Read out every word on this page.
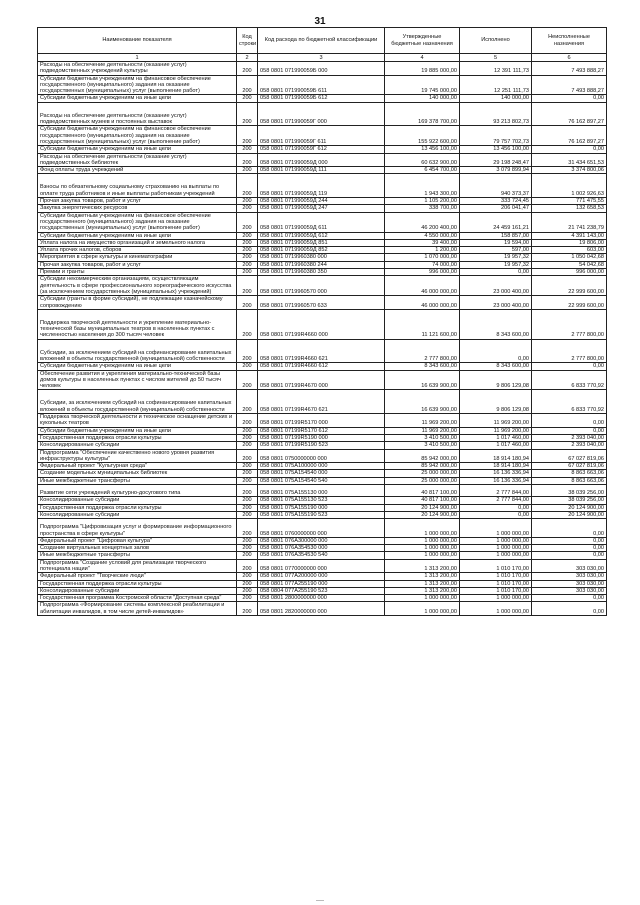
31
Наименование показателя	Код строки	Код расхода по бюджетной классификации	Утвержденные бюджетные назначения	Исполнено	Неисполненные назначения
1	2	3	4	5	6
Расходы на обеспечение деятельности (оказание услуг) подведомственных учреждений культуры	200	058 0801 071990059Б 000	19 885 000,00	12 391 111,73	7 493 888,27
Субсидии бюджетным учреждениям на финансовое обеспечение государственного (муниципального) задания на оказание государственных (муниципальных) услуг (выполнение работ)	200	058 0801 071990059Б 611	19 745 000,00	12 251 111,73	7 493 888,27
Субсидии бюджетным учреждениям на иные цели	200	058 0801 071990059Б 612	140 000,00	140 000,00	0,00
Расходы на обеспечение деятельности (оказание услуг) подведомственных музеев и постоянных выставок	200	058 0801 071990059Г 000	169 378 700,00	93 213 802,73	76 162 897,27
Субсидии бюджетным учреждениям на финансовое обеспечение государственного (муниципального) задания на оказание государственных (муниципальных) услуг (выполнение работ)	200	058 0801 071990059Г 611	155 922 600,00	79 757 702,73	76 162 897,27
Субсидии бюджетным учреждениям на иные цели	200	058 0801 071990059Г 612	13 456 100,00	13 456 100,00	0,00
Расходы на обеспечение деятельности (оказание услуг) подведомственных библиотек	200	058 0801 071990059Д 000	60 632 900,00	29 198 248,47	31 434 651,53
Фонд оплаты труда учреждений	200	058 0801 071990059Д 111	6 454 700,00	3 079 899,94	3 374 800,06
Взносы по обязательному социальному страхованию на выплаты по оплате труда работников и иные выплаты работникам учреждений	200	058 0801 071990059Д 119	1 943 300,00	940 373,37	1 002 926,63
Прочая закупка товаров, работ и услуг	200	058 0801 071990059Д 244	1 105 200,00	333 724,45	771 475,55
Закупка энергетических ресурсов	200	058 0801 071990059Д 247	338 700,00	206 041,47	132 658,53
Субсидии бюджетным учреждениям на финансовое обеспечение государственного (муниципального) задания на оказание государственных (муниципальных) услуг (выполнение работ)	200	058 0801 071990059Д 611	46 200 400,00	24 459 161,21	21 741 238,79
Субсидии бюджетным учреждениям на иные цели	200	058 0801 071990059Д 612	4 550 000,00	158 857,00	4 391 143,00
Уплата налога на имущество организаций и земельного налога	200	058 0801 071990059Д 851	39 400,00	19 594,00	19 806,00
Уплата прочих налогов, сборов	200	058 0801 071990059Д 852	1 200,00	597,00	603,00
Мероприятия в сфере культуры и кинематографии	200	058 0801 0719960380 000	1 070 000,00	19 957,32	1 050 042,68
Прочая закупка товаров, работ и услуг	200	058 0801 0719960380 244	74 000,00	19 957,32	54 042,68
Премии и гранты	200	058 0801 0719960380 350	996 000,00	0,00	996 000,00
Субсидии некоммерческим организациям, осуществляющим деятельность в сфере профессионального хореографического искусства (за исключением государственных (муниципальных) учреждений)	200	058 0801 0719960570 000	46 000 000,00	23 000 400,00	22 999 600,00
Субсидии (гранты в форме субсидий), не подлежащие казначейскому сопровождению	200	058 0801 0719960570 633	46 000 000,00	23 000 400,00	22 999 600,00
Поддержка творческой деятельности и укрепление материально-технической базы муниципальных театров в населенных пунктах с численностью населения до 300 тысяч человек	200	058 0801 07199R4660 000	11 121 600,00	8 343 600,00	2 777 800,00
Субсидии, за исключением субсидий на софинансирование капитальных вложений в объекты государственной (муниципальной) собственности	200	058 0801 07199R4660 621	2 777 800,00	0,00	2 777 800,00
Субсидии бюджетным учреждениям на иные цели	200	058 0801 07199R4660 612	8 343 600,00	8 343 600,00	0,00
Обеспечение развития и укрепления материально-технической базы домов культуры в населенных пунктах с числом жителей до 50 тысяч человек	200	058 0801 07199R4670 000	16 639 900,00	9 806 129,08	6 833 770,92
Субсидии, за исключением субсидий на софинансирование капитальных вложений в объекты государственной (муниципальной) собственности	200	058 0801 07199R4670 621	16 639 900,00	9 806 129,08	6 833 770,92
Поддержка творческой деятельности и техническое оснащение детских и кукольных театров	200	058 0801 07199R5170 000	11 969 200,00	11 969 200,00	0,00
Субсидии бюджетным учреждениям на иные цели	200	058 0801 07199R5170 612	11 969 200,00	11 969 200,00	0,00
Государственная поддержка отрасли культуры	200	058 0801 07199R5190 000	3 410 500,00	1 017 460,00	2 393 040,00
Консолидированные субсидии	200	058 0801 07199R5190 523	3 410 500,00	1 017 460,00	2 393 040,00
Подпрограмма "Обеспечение качественно нового уровня развития инфраструктуры культуры"	200	058 0801 0750000000 000	85 942 000,00	18 914 180,94	67 027 819,06
Федеральный проект "Культурная среда"	200	058 0801 075A100000 000	85 942 000,00	18 914 180,94	67 027 819,06
Создание модельных муниципальных библиотек	200	058 0801 075A154540 000	25 000 000,00	16 136 336,94	8 863 663,06
Иные межбюджетные трансферты	200	058 0801 075A154540 540	25 000 000,00	16 136 336,94	8 863 663,06
Развитие сети учреждений культурно-досугового типа	200	058 0801 075A155130 000	40 817 100,00	2 777 844,00	38 039 256,00
Консолидированные субсидии	200	058 0801 075A155130 523	40 817 100,00	2 777 844,00	38 039 256,00
Государственная поддержка отрасли культуры	200	058 0801 075A155190 000	20 124 900,00	0,00	20 124 900,00
Консолидированные субсидии	200	058 0801 075A155190 523	20 124 900,00	0,00	20 124 900,00
Подпрограмма "Цифровизация услуг и формирование информационного пространства в сфере культуры"	200	058 0801 0760000000 000	1 000 000,00	1 000 000,00	0,00
Федеральный проект "Цифровая культура"	200	058 0801 076A300000 000	1 000 000,00	1 000 000,00	0,00
Создание виртуальных концертных залов	200	058 0801 076A354530 000	1 000 000,00	1 000 000,00	0,00
Иные межбюджетные трансферты	200	058 0801 076A354530 540	1 000 000,00	1 000 000,00	0,00
Подпрограмма "Создание условий для реализации творческого потенциала нации"	200	058 0801 0770000000 000	1 313 200,00	1 010 170,00	303 030,00
Федеральный проект "Творческие люди"	200	058 0801 077A200000 000	1 313 200,00	1 010 170,00	303 030,00
Государственная поддержка отрасли культуры	200	058 0801 077A255190 000	1 313 200,00	1 010 170,00	303 030,00
Консолидированные субсидии	200	058 0804 077A255190 523	1 313 200,00	1 010 170,00	303 030,00
Государственная программа Костромской области "Доступная среда"	200	058 0801 2800000000 000	1 000 000,00	1 000 000,00	0,00
Подпрограмма «Формирование системы комплексной реабилитации и абилитации инвалидов, в том числе детей-инвалидов»	200	058 0801 2820000000 000	1 000 000,00	1 000 000,00	0,00
